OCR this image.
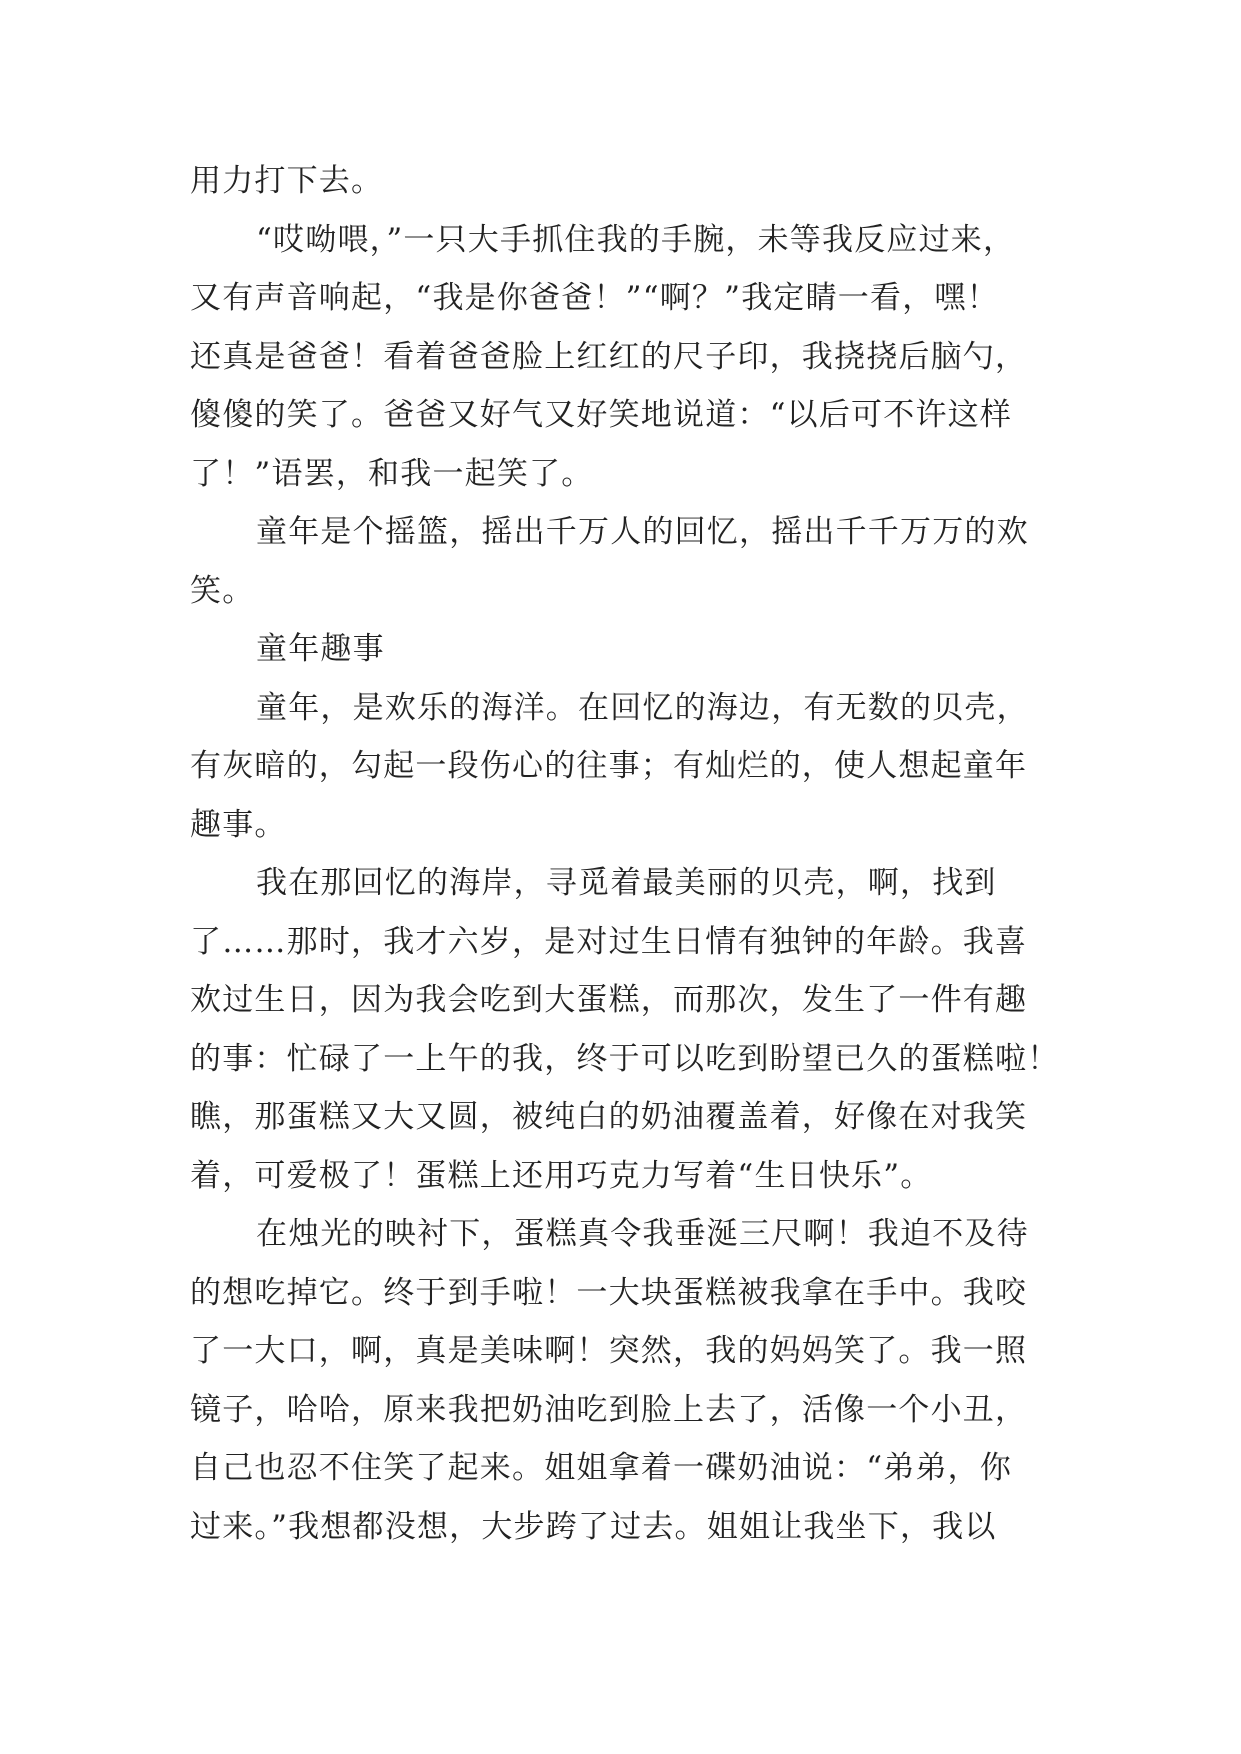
用力打下去。
“哎呦喂，”一只大手抓住我的手腕，未等我反应过来，
又有声音响起，“我是你爸爸！”“啊？”我定睛一看，嘿！
还真是爸爸！看着爸爸脸上红红的尺子印，我挠挠后脑勺，
傻傻的笑了。爸爸又好气又好笑地说道：“以后可不许这样
了！”语罢，和我一起笑了。
童年是个摇篮，摇出千万人的回忆，摇出千千万万的欢
笑。
童年趣事
童年，是欢乐的海洋。在回忆的海边，有无数的贝壳，
有灰暗的，勾起一段伤心的往事；有灿烂的，使人想起童年
趣事。
我在那回忆的海岸，寻觅着最美丽的贝壳，啊，找到
了……那时，我才六岁，是对过生日情有独钟的年龄。我喜
欢过生日，因为我会吃到大蛋糕，而那次，发生了一件有趣
的事：忙碌了一上午的我，终于可以吃到盼望已久的蛋糕啦！
瞧，那蛋糕又大又圆，被纯白的奶油覆盖着，好像在对我笑
着，可爱极了！蛋糕上还用巧克力写着“生日快乐”。
在烛光的映衬下，蛋糕真令我垂涎三尺啊！我迫不及待
的想吃掉它。终于到手啦！一大块蛋糕被我拿在手中。我咬
了一大口，啊，真是美味啊！突然，我的妈妈笑了。我一照
镜子，哈哈，原来我把奶油吃到脸上去了，活像一个小丑，
自己也忍不住笑了起来。姐姐拿着一碟奶油说：“弟弟，你
过来。”我想都没想，大步跨了过去。姐姐让我坐下，我以
